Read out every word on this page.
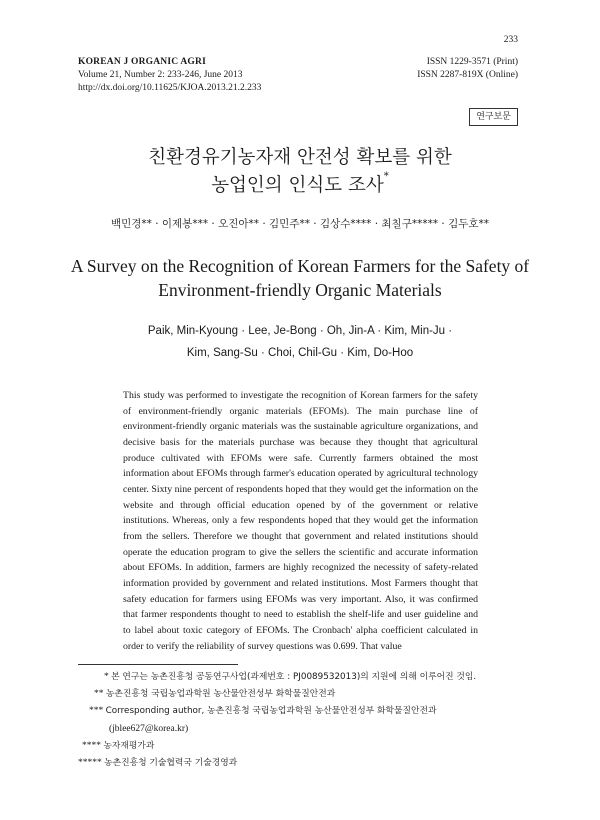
KOREAN J ORGANIC AGRI
Volume 21, Number 2: 233-246, June 2013
http://dx.doi.org/10.11625/KJOA.2013.21.2.233
233
ISSN 1229-3571 (Print)
ISSN 2287-819X (Online)
연구보문
친환경유기농자재 안전성 확보를 위한
농업인의 인식도 조사*
백민경** · 이제봉*** · 오진아** · 김민주** · 김상수**** · 최칠구***** · 김두호**
A Survey on the Recognition of Korean Farmers for the Safety of
Environment-friendly Organic Materials
Paik, Min-Kyoung · Lee, Je-Bong · Oh, Jin-A · Kim, Min-Ju ·
Kim, Sang-Su · Choi, Chil-Gu · Kim, Do-Hoo
This study was performed to investigate the recognition of Korean farmers for the safety of environment-friendly organic materials (EFOMs). The main purchase line of environment-friendly organic materials was the sustainable agriculture organizations, and decisive basis for the materials purchase was because they thought that agricultural produce cultivated with EFOMs were safe. Currently farmers obtained the most information about EFOMs through farmer's education operated by agricultural technology center. Sixty nine percent of respondents hoped that they would get the information on the website and through official education opened by of the government or relative institutions. Whereas, only a few respondents hoped that they would get the information from the sellers. Therefore we thought that government and related institutions should operate the education program to give the sellers the scientific and accurate information about EFOMs. In addition, farmers are highly recognized the necessity of safety-related information provided by government and related institutions. Most Farmers thought that safety education for farmers using EFOMs was very important. Also, it was confirmed that farmer respondents thought to need to establish the shelf-life and user guideline and to label about toxic category of EFOMs. The Cronbach' alpha coefficient calculated in order to verify the reliability of survey questions was 0.699. That value
* 본 연구는 농촌진흥청 공동연구사업(과제번호 : PJ0089532013)의 지원에 의해 이루어진 것임.
** 농촌진흥청 국립농업과학원 농산물안전성부 화학물질안전과
*** Corresponding author, 농촌진흥청 국립농업과학원 농산물안전성부 화학물질안전과
(jblee627@korea.kr)
**** 농자재평가과
***** 농촌진흥청 기술협력국 기술경영과
